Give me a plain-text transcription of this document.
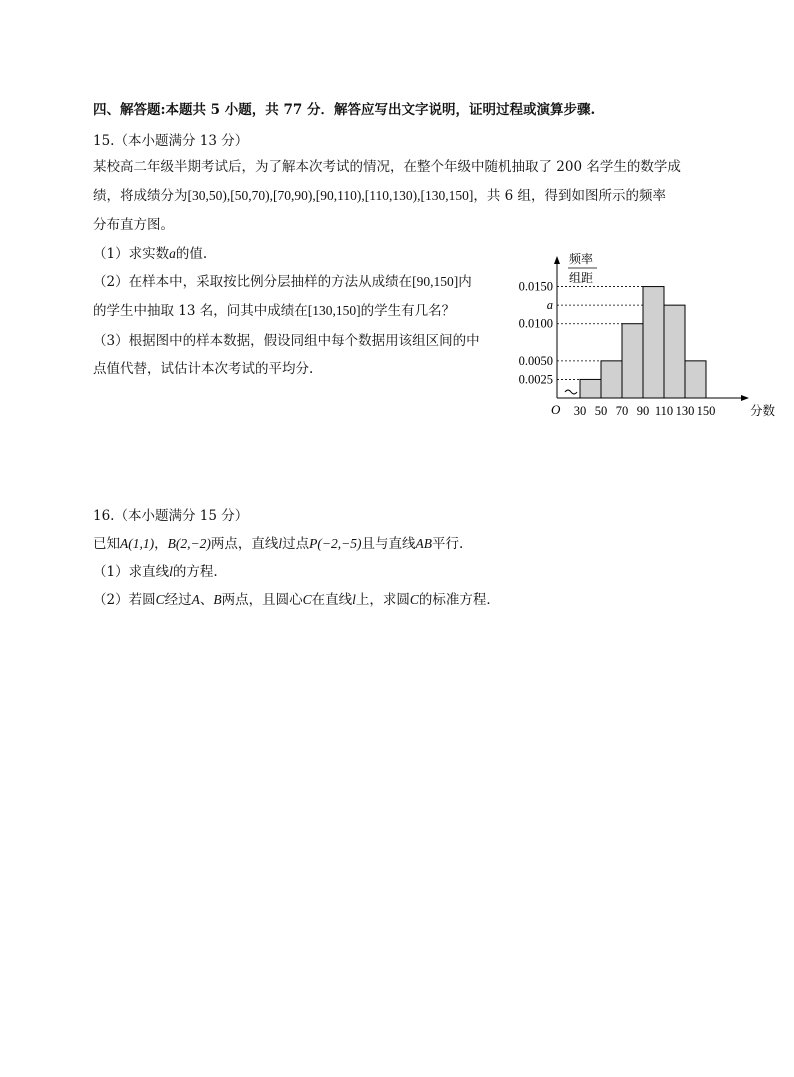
四、解答题:本题共 5 小题，共 77 分．解答应写出文字说明，证明过程或演算步骤.
15.（本小题满分 13 分）
某校高二年级半期考试后，为了解本次考试的情况，在整个年级中随机抽取了 200 名学生的数学成
绩，将成绩分为[30,50),[50,70),[70,90),[90,110),[110,130),[130,150]，共 6 组，得到如图所示的频率
分布直方图。
（1）求实数a的值.
（2）在样本中，采取按比例分层抽样的方法从成绩在[90,150]内
的学生中抽取 13 名，问其中成绩在[130,150]的学生有几名？
（3）根据图中的样本数据，假设同组中每个数据用该组区间的中
点值代替，试估计本次考试的平均分.
频率
组距
O	分数
0.0025
0.0050
0.0100
a
0.0150
30 50 70 90 110 130 150
16.（本小题满分 15 分）
已知A(1,1)，B(2,−2)两点，直线l过点P(−2,−5)且与直线AB平行.
（1）求直线l的方程.
（2）若圆C经过A、B两点，且圆心C在直线l上，求圆C的标准方程．
